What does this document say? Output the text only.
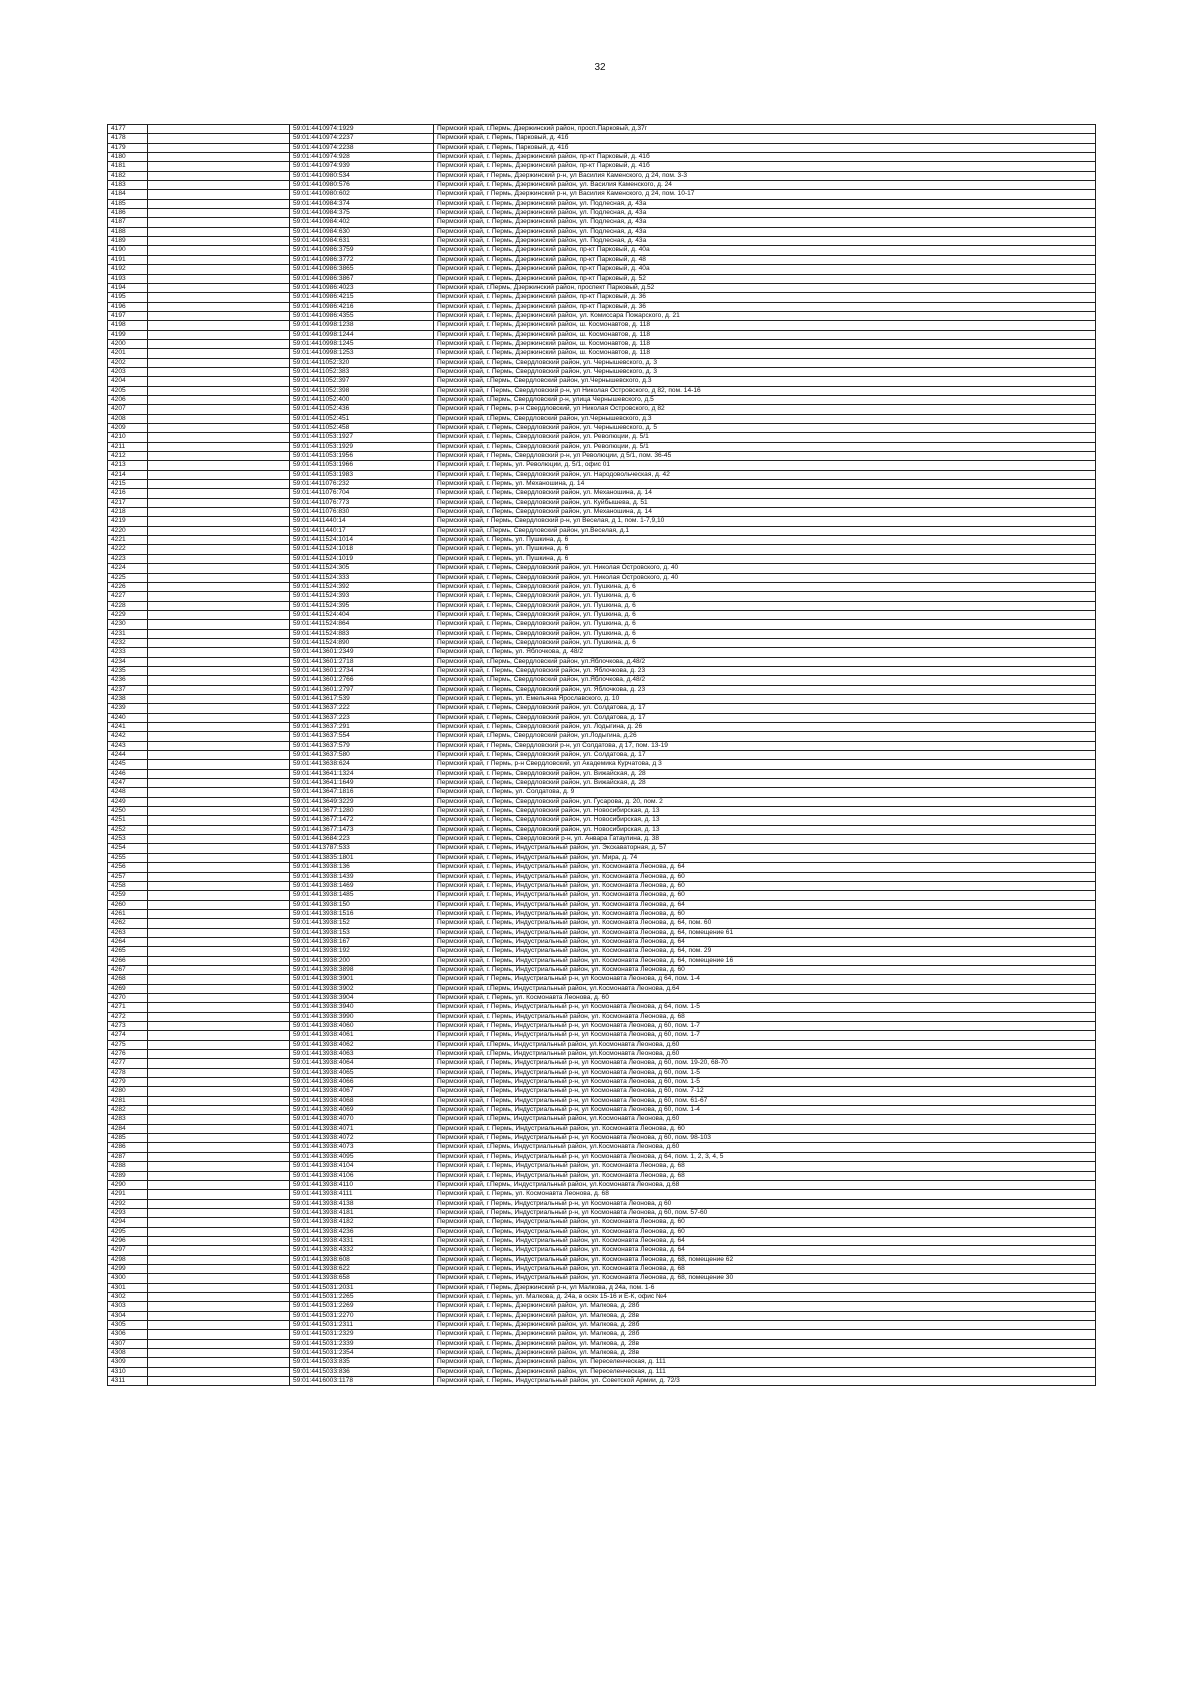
32
4177		59:01:4410974:1929	Пермский край, г.Пермь, Дзержинский район, просп.Парковый, д.37г
4178		59:01:4410974:2237	Пермский край, г. Пермь, Парковый, д. 41б
4179		59:01:4410974:2238	Пермский край, г. Пермь, Парковый, д. 41б
4180		59:01:4410974:928	Пермский край, г. Пермь, Дзержинский район, пр-кт Парковый, д. 41б
4181		59:01:4410974:939	Пермский край, г. Пермь, Дзержинский район, пр-кт Парковый, д. 41б
4182		59:01:4410980:534	Пермский край, г Пермь, Дзержинский р-н, ул Василия Каменского, д 24, пом. 3-3
4183		59:01:4410980:576	Пермский край, г. Пермь, Дзержинский район, ул. Василия Каменского, д. 24
4184		59:01:4410980:602	Пермский край, г Пермь, Дзержинский р-н, ул Василия Каменского, д 24, пом. 10-17
4185		59:01:4410984:374	Пермский край, г. Пермь, Дзержинский район, ул. Подлесная, д. 43а
4186		59:01:4410984:375	Пермский край, г. Пермь, Дзержинский район, ул. Подлесная, д. 43а
4187		59:01:4410984:402	Пермский край, г. Пермь, Дзержинский район, ул. Подлесная, д. 43а
4188		59:01:4410984:630	Пермский край, г. Пермь, Дзержинский район, ул. Подлесная, д. 43а
4189		59:01:4410984:631	Пермский край, г. Пермь, Дзержинский район, ул. Подлесная, д. 43а
4190		59:01:4410986:3759	Пермский край, г. Пермь, Дзержинский район, пр-кт Парковый, д. 40а
4191		59:01:4410986:3772	Пермский край, г. Пермь, Дзержинский район, пр-кт Парковый, д. 48
4192		59:01:4410986:3865	Пермский край, г. Пермь, Дзержинский район, пр-кт Парковый, д. 40а
4193		59:01:4410986:3867	Пермский край, г. Пермь, Дзержинский район, пр-кт Парковый, д. 52
4194		59:01:4410986:4023	Пермский край, г.Пермь, Дзержинский район, проспект Парковый, д.52
4195		59:01:4410986:4215	Пермский край, г. Пермь, Дзержинский район, пр-кт Парковый, д. 36
4196		59:01:4410986:4216	Пермский край, г. Пермь, Дзержинский район, пр-кт Парковый, д. 36
4197		59:01:4410986:4355	Пермский край, г. Пермь, Дзержинский район, ул. Комиссара Пожарского, д. 21
4198		59:01:4410998:1238	Пермский край, г. Пермь, Дзержинский район, ш. Космонавтов, д. 118
4199		59:01:4410998:1244	Пермский край, г. Пермь, Дзержинский район, ш. Космонавтов, д. 118
4200		59:01:4410998:1245	Пермский край, г. Пермь, Дзержинский район, ш. Космонавтов, д. 118
4201		59:01:4410998:1253	Пермский край, г. Пермь, Дзержинский район, ш. Космонавтов, д. 118
4202		59:01:4411052:320	Пермский край, г. Пермь, Свердловский район, ул. Чернышевского, д. 3
4203		59:01:4411052:383	Пермский край, г. Пермь, Свердловский район, ул. Чернышевского, д. 3
4204		59:01:4411052:397	Пермский край, г.Пермь, Свердловский район, ул.Чернышевского, д.3
4205		59:01:4411052:398	Пермский край, г Пермь, Свердловский р-н, ул Николая Островского, д 82, пом. 14-16
4206		59:01:4411052:400	Пермский край, г.Пермь, Свердловский р-н, улица Чернышевского, д.5
4207		59:01:4411052:436	Пермский край, г Пермь, р-н Свердловский, ул Николая Островского, д 82
4208		59:01:4411052:451	Пермский край, г.Пермь, Свердловский район, ул.Чернышевского, д.3
4209		59:01:4411052:458	Пермский край, г. Пермь, Свердловский район, ул. Чернышевского, д. 5
4210		59:01:4411053:1927	Пермский край, г. Пермь, Свердловский район, ул. Революции, д. 5/1
4211		59:01:4411053:1929	Пермский край, г. Пермь, Свердловский район, ул. Революции, д. 5/1
4212		59:01:4411053:1956	Пермский край, г Пермь, Свердловский р-н, ул Революции, д 5/1, пом. 36-45
4213		59:01:4411053:1966	Пермский край, г. Пермь, ул. Революции, д. 5/1, офис 01
4214		59:01:4411053:1983	Пермский край, г. Пермь, Свердловский район, ул. Народовольческая, д. 42
4215		59:01:4411076:232	Пермский край, г. Пермь, ул. Механошина, д. 14
4216		59:01:4411076:704	Пермский край, г. Пермь, Свердловский район, ул. Механошина, д. 14
4217		59:01:4411076:773	Пермский край, г. Пермь, Свердловский район, ул. Куйбышева, д. 51
4218		59:01:4411076:830	Пермский край, г. Пермь, Свердловский район, ул. Механошина, д. 14
4219		59:01:4411440:14	Пермский край, г Пермь, Свердловский р-н, ул Веселая, д 1, пом. 1-7,9,10
4220		59:01:4411440:17	Пермский край, г.Пермь, Свердловский район, ул.Веселая, д.1
4221		59:01:4411524:1014	Пермский край, г. Пермь, ул. Пушкина, д. 6
4222		59:01:4411524:1018	Пермский край, г. Пермь, ул. Пушкина, д. 6
4223		59:01:4411524:1019	Пермский край, г. Пермь, ул. Пушкина, д. 6
4224		59:01:4411524:305	Пермский край, г. Пермь, Свердловский район, ул. Николая Островского, д. 40
4225		59:01:4411524:333	Пермский край, г. Пермь, Свердловский район, ул. Николая Островского, д. 40
4226		59:01:4411524:392	Пермский край, г. Пермь, Свердловский район, ул. Пушкина, д. 6
4227		59:01:4411524:393	Пермский край, г. Пермь, Свердловский район, ул. Пушкина, д. 6
4228		59:01:4411524:395	Пермский край, г. Пермь, Свердловский район, ул. Пушкина, д. 6
4229		59:01:4411524:404	Пермский край, г. Пермь, Свердловский район, ул. Пушкина, д. 6
4230		59:01:4411524:864	Пермский край, г. Пермь, Свердловский район, ул. Пушкина, д. 6
4231		59:01:4411524:883	Пермский край, г. Пермь, Свердловский район, ул. Пушкина, д. 6
4232		59:01:4411524:890	Пермский край, г. Пермь, Свердловский район, ул. Пушкина, д. 6
4233		59:01:4413601:2349	Пермский край, г. Пермь, ул. Яблочкова, д. 48/2
4234		59:01:4413601:2718	Пермский край, г.Пермь, Свердловский район, ул.Яблочкова, д.48/2
4235		59:01:4413601:2734	Пермский край, г. Пермь, Свердловский район, ул. Яблочкова, д. 23
4236		59:01:4413601:2766	Пермский край, г.Пермь, Свердловский район, ул.Яблочкова, д.48/2
4237		59:01:4413601:2797	Пермский край, г. Пермь, Свердловский район, ул. Яблочкова, д. 23
4238		59:01:4413617:539	Пермский край, г. Пермь, ул. Емельяна Ярославского, д. 10
4239		59:01:4413637:222	Пермский край, г. Пермь, Свердловский район, ул. Солдатова, д. 17
4240		59:01:4413637:223	Пермский край, г. Пермь, Свердловский район, ул. Солдатова, д. 17
4241		59:01:4413637:291	Пермский край, г. Пермь, Свердловский район, ул. Лодыгина, д. 26
4242		59:01:4413637:554	Пермский край, г.Пермь, Свердловский район, ул.Лодыгина, д.26
4243		59:01:4413637:579	Пермский край, г Пермь, Свердловский р-н, ул Солдатова, д 17, пом. 13-19
4244		59:01:4413637:580	Пермский край, г. Пермь, Свердловский район, ул. Солдатова, д. 17
4245		59:01:4413638:624	Пермский край, г Пермь, р-н Свердловский, ул Академика Курчатова, д 3
4246		59:01:4413641:1324	Пермский край, г. Пермь, Свердловский район, ул. Вижайская, д. 28
4247		59:01:4413641:1649	Пермский край, г. Пермь, Свердловский район, ул. Вижайская, д. 28
4248		59:01:4413647:1816	Пермский край, г. Пермь, ул. Солдатова, д. 9
4249		59:01:4413649:3229	Пермский край, г. Пермь, Свердловский район, ул. Гусарова, д. 20, пом. 2
4250		59:01:4413677:1280	Пермский край, г. Пермь, Свердловский район, ул. Новосибирская, д. 13
4251		59:01:4413677:1472	Пермский край, г. Пермь, Свердловский район, ул. Новосибирская, д. 13
4252		59:01:4413677:1473	Пермский край, г. Пермь, Свердловский район, ул. Новосибирская, д. 13
4253		59:01:4413684:223	Пермский край, г. Пермь, Свердловский р-н, ул. Анвара Гатаулина, д. 38
4254		59:01:4413787:533	Пермский край, г. Пермь, Индустриальный район, ул. Экскаваторная, д. 57
4255		59:01:4413835:1801	Пермский край, г. Пермь, Индустриальный район, ул. Мира, д. 74
4256		59:01:4413938:136	Пермский край, г. Пермь, Индустриальный район, ул. Космонавта Леонова, д. 64
4257		59:01:4413938:1439	Пермский край, г. Пермь, Индустриальный район, ул. Космонавта Леонова, д. 60
4258		59:01:4413938:1469	Пермский край, г. Пермь, Индустриальный район, ул. Космонавта Леонова, д. 60
4259		59:01:4413938:1485	Пермский край, г. Пермь, Индустриальный район, ул. Космонавта Леонова, д. 60
4260		59:01:4413938:150	Пермский край, г. Пермь, Индустриальный район, ул. Космонавта Леонова, д. 64
4261		59:01:4413938:1516	Пермский край, г. Пермь, Индустриальный район, ул. Космонавта Леонова, д. 60
4262		59:01:4413938:152	Пермский край, г. Пермь, Индустриальный район, ул. Космонавта Леонова, д. 64, пом. 60
4263		59:01:4413938:153	Пермский край, г. Пермь, Индустриальный район, ул. Космонавта Леонова, д. 64, помещение 61
4264		59:01:4413938:167	Пермский край, г. Пермь, Индустриальный район, ул. Космонавта Леонова, д. 64
4265		59:01:4413938:192	Пермский край, г. Пермь, Индустриальный район, ул. Космонавта Леонова, д. 64, пом. 29
4266		59:01:4413938:200	Пермский край, г. Пермь, Индустриальный район, ул. Космонавта Леонова, д. 64, помещение 16
4267		59:01:4413938:3898	Пермский край, г. Пермь, Индустриальный район, ул. Космонавта Леонова, д. 60
4268		59:01:4413938:3901	Пермский край, г Пермь, Индустриальный р-н, ул Космонавта Леонова, д 64, пом. 1-4
4269		59:01:4413938:3902	Пермский край, г.Пермь, Индустриальный район, ул.Космонавта Леонова, д.64
4270		59:01:4413938:3904	Пермский край, г. Пермь, ул. Космонавта Леонова, д. 60
4271		59:01:4413938:3940	Пермский край, г Пермь, Индустриальный р-н, ул Космонавта Леонова, д 64, пом. 1-5
4272		59:01:4413938:3990	Пермский край, г. Пермь, Индустриальный район, ул. Космонавта Леонова, д. 68
4273		59:01:4413938:4060	Пермский край, г Пермь, Индустриальный р-н, ул Космонавта Леонова, д 60, пом. 1-7
4274		59:01:4413938:4061	Пермский край, г Пермь, Индустриальный р-н, ул Космонавта Леонова, д 60, пом. 1-7
4275		59:01:4413938:4062	Пермский край, г.Пермь, Индустриальный район, ул.Космонавта Леонова, д.60
4276		59:01:4413938:4063	Пермский край, г.Пермь, Индустриальный район, ул.Космонавта Леонова, д.60
4277		59:01:4413938:4064	Пермский край, г Пермь, Индустриальный р-н, ул Космонавта Леонова, д 60, пом. 19-20, 68-70
4278		59:01:4413938:4065	Пермский край, г Пермь, Индустриальный р-н, ул Космонавта Леонова, д 60, пом. 1-5
4279		59:01:4413938:4066	Пермский край, г Пермь, Индустриальный р-н, ул Космонавта Леонова, д 60, пом. 1-5
4280		59:01:4413938:4067	Пермский край, г Пермь, Индустриальный р-н, ул Космонавта Леонова, д 60, пом. 7-12
4281		59:01:4413938:4068	Пермский край, г Пермь, Индустриальный р-н, ул Космонавта Леонова, д 60, пом. 61-67
4282		59:01:4413938:4069	Пермский край, г Пермь, Индустриальный р-н, ул Космонавта Леонова, д 60, пом. 1-4
4283		59:01:4413938:4070	Пермский край, г.Пермь, Индустриальный район, ул.Космонавта Леонова, д.60
4284		59:01:4413938:4071	Пермский край, г. Пермь, Индустриальный район, ул. Космонавта Леонова, д. 60
4285		59:01:4413938:4072	Пермский край, г Пермь, Индустриальный р-н, ул Космонавта Леонова, д 60, пом. 98-103
4286		59:01:4413938:4073	Пермский край, г.Пермь, Индустриальный район, ул.Космонавта Леонова, д.60
4287		59:01:4413938:4095	Пермский край, г Пермь, Индустриальный р-н, ул Космонавта Леонова, д 64, пом. 1, 2, 3, 4, 5
4288		59:01:4413938:4104	Пермский край, г. Пермь, Индустриальный район, ул. Космонавта Леонова, д. 68
4289		59:01:4413938:4106	Пермский край, г. Пермь, Индустриальный район, ул. Космонавта Леонова, д. 68
4290		59:01:4413938:4110	Пермский край, г.Пермь, Индустриальный район, ул.Космонавта Леонова, д.68
4291		59:01:4413938:4111	Пермский край, г. Пермь, ул. Космонавта Леонова, д. 68
4292		59:01:4413938:4138	Пермский край, г Пермь, Индустриальный р-н, ул Космонавта Леонова, д 60
4293		59:01:4413938:4181	Пермский край, г Пермь, Индустриальный р-н, ул Космонавта Леонова, д 60, пом. 57-60
4294		59:01:4413938:4182	Пермский край, г. Пермь, Индустриальный район, ул. Космонавта Леонова, д. 60
4295		59:01:4413938:4236	Пермский край, г. Пермь, Индустриальный район, ул. Космонавта Леонова, д. 60
4296		59:01:4413938:4331	Пермский край, г. Пермь, Индустриальный район, ул. Космонавта Леонова, д. 64
4297		59:01:4413938:4332	Пермский край, г. Пермь, Индустриальный район, ул. Космонавта Леонова, д. 64
4298		59:01:4413938:608	Пермский край, г. Пермь, Индустриальный район, ул. Космонавта Леонова, д. 68, помещение 62
4299		59:01:4413938:622	Пермский край, г. Пермь, Индустриальный район, ул. Космонавта Леонова, д. 68
4300		59:01:4413938:658	Пермский край, г. Пермь, Индустриальный район, ул. Космонавта Леонова, д. 68, помещение 30
4301		59:01:4415031:2031	Пермский край, г Пермь, Дзержинский р-н, ул Малкова, д 24а, пом. 1-6
4302		59:01:4415031:2265	Пермский край, г. Пермь, ул. Малкова, д. 24а, в осях 15-16 и Е-К, офис №4
4303		59:01:4415031:2269	Пермский край, г. Пермь, Дзержинский район, ул. Малкова, д. 28б
4304		59:01:4415031:2270	Пермский край, г. Пермь, Дзержинский район, ул. Малкова, д. 28в
4305		59:01:4415031:2311	Пермский край, г. Пермь, Дзержинский район, ул. Малкова, д. 28б
4306		59:01:4415031:2329	Пермский край, г. Пермь, Дзержинский район, ул. Малкова, д. 28б
4307		59:01:4415031:2339	Пермский край, г. Пермь, Дзержинский район, ул. Малкова, д. 28в
4308		59:01:4415031:2354	Пермский край, г. Пермь, Дзержинский район, ул. Малкова, д. 28в
4309		59:01:4415033:835	Пермский край, г. Пермь, Дзержинский район, ул. Переселенческая, д. 111
4310		59:01:4415033:836	Пермский край, г. Пермь, Дзержинский район, ул. Переселенческая, д. 111
4311		59:01:4416003:1178	Пермский край, г. Пермь, Индустриальный район, ул. Советской Армии, д. 72/3
